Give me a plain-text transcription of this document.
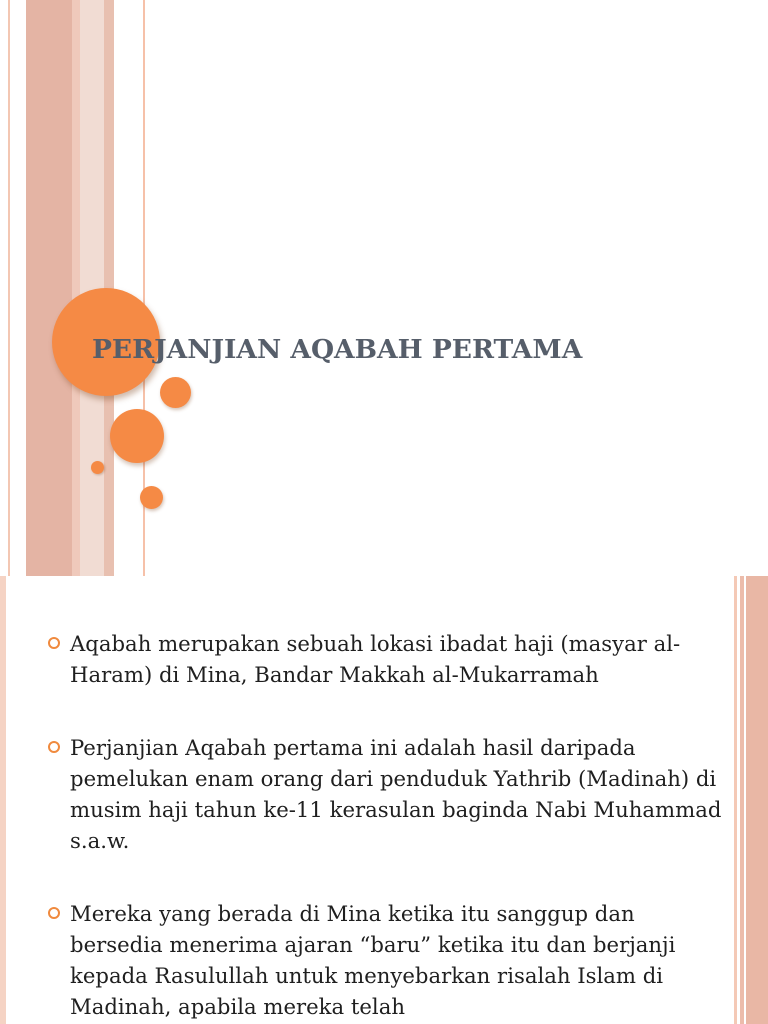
PERJANJIAN AQABAH PERTAMA
Aqabah merupakan sebuah lokasi ibadat haji (masyar al-Haram) di Mina, Bandar Makkah al-Mukarramah
Perjanjian Aqabah pertama ini adalah hasil daripada pemelukan enam orang dari penduduk Yathrib (Madinah) di musim haji tahun ke-11 kerasulan baginda Nabi Muhammad s.a.w.
Mereka yang berada di Mina ketika itu sanggup dan bersedia menerima ajaran “baru” ketika itu dan berjanji kepada Rasulullah untuk menyebarkan risalah Islam di Madinah, apabila mereka telah
